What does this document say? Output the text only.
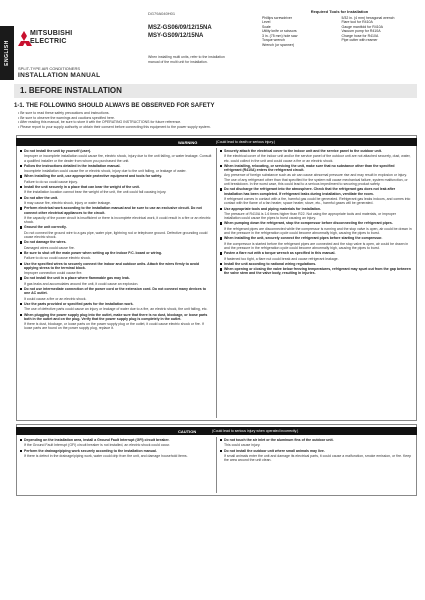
ENGLISH
MITSUBISHI
ELECTRIC
SPLIT-TYPE AIR CONDITIONERS
INSTALLATION MANUAL
DG79A040H01
MSZ-GS06/09/12/15NA
MSY-GS09/12/15NA
When installing multi units, refer to the installation manual of the multi unit for installation.
Required Tools for Installation
Phillips screwdriver	5/32 in. (4 mm) hexagonal wrench
Level	Flare tool for R410A
Scale	Gauge manifold for R410A
Utility knife or scissors	Vacuum pump for R410A
3 in. (75 mm) hole saw	Charge hose for R410A
Torque wrench	Pipe cutter with reamer
Wrench (or spanner)
1. BEFORE INSTALLATION
1-1. THE FOLLOWING SHOULD ALWAYS BE OBSERVED FOR SAFETY
• Be sure to read these safety precautions and instructions.
• Be sure to observe the warnings and cautions specified here.
• After reading this manual, be sure to store it with the OPERATING INSTRUCTIONS for future reference.
• Please report to your supply authority or obtain their consent before connecting this equipment to the power supply system.
WARNING	(Could lead to death or serious injury.)

Do not install the unit by yourself (user).

Improper or incomplete installation could cause fire, electric shock, injury due to the unit falling, or water leakage. Consult a qualified installer or the dealer from whom you purchased the unit.

Follow the instructions detailed in the installation manual.

Incomplete installation could cause fire or electric shock, injury due to the unit falling, or leakage of water.

When installing the unit, use appropriate protective equipment and tools for safety.

Failure to do so could cause injury.

Install the unit securely in a place that can bear the weight of the unit.

If the installation location cannot bear the weight of the unit, the unit could fall causing injury.

Do not alter the unit.

It may cause fire, electric shock, injury or water leakage.

Perform electrical work according to the installation manual and be sure to use an exclusive circuit. Do not connect other electrical appliances to the circuit.

If the capacity of the power circuit is insufficient or there is incomplete electrical work, it could result in a fire or an electric shock.

Ground the unit correctly.

Do not connect the ground wire to a gas pipe, water pipe, lightning rod or telephone ground. Defective grounding could cause electric shock.

Do not damage the wires.

Damaged wires could cause fire.

Be sure to shut off the main power when setting up the indoor P.C. board or wiring.

Failure to do so could cause electric shock.

Use the specified wires to securely connect the indoor and outdoor units. Attach the wires firmly to avoid applying stress to the terminal block.

Improper connection could cause fire.

Do not install the unit in a place where flammable gas may leak.

If gas leaks and accumulates around the unit, it could cause an explosion.

Do not use intermediate connection of the power cord or the extension cord. Do not connect many devices to one AC outlet.

It could cause a fire or an electric shock.

Use the parts provided or specified parts for the installation work.

The use of defective parts could cause an injury or leakage of water due to a fire, an electric shock, the unit falling, etc.

When plugging the power supply plug into the outlet, make sure that there is no dust, blockage, or loose parts both in the outlet and on the plug. Verify that the power supply plug is completely in the outlet.

If there is dust, blockage, or loose parts on the power supply plug or the outlet, it could cause electric shock or fire. If loose parts are found on the power supply plug, replace it.

Securely attach the electrical cover to the indoor unit and the service panel to the outdoor unit.

If the electrical cover of the indoor unit and/or the service panel of the outdoor unit are not attached securely, dust, water, etc. could collect in the unit and could cause a fire or an electric shock.

When installing, relocating, or servicing the unit, make sure that no substance other than the specified refrigerant (R410A) enters the refrigerant circuit.

Any presence of foreign substance such as air can cause abnormal pressure rise and may result in explosion or injury. The use of any refrigerant other than that specified for the system will cause mechanical failure, system malfunction, or unit breakdown. In the worst case, this could lead to a serious impediment to securing product safety.

Do not discharge the refrigerant into the atmosphere. Check that the refrigerant gas does not leak after installation has been completed. If refrigerant leaks during installation, ventilate the room.

If refrigerant comes in contact with a fire, harmful gas could be generated. Refrigerant gas leaks indoors, and comes into contact with the flame of a fan heater, space heater, stove, etc., harmful gases will be generated.

Use appropriate tools and piping materials for installation.

The pressure of R410A is 1.6 times higher than R22. Not using the appropriate tools and materials, or improper installation could cause the pipes to burst causing an injury.

When pumping down the refrigerant, stop the compressor before disconnecting the refrigerant pipes.

If the refrigerant pipes are disconnected while the compressor is running and the stop valve is open, air could be drawn in and the pressure in the refrigeration cycle could become abnormally high, causing the pipes to burst.

When installing the unit, securely connect the refrigerant pipes before starting the compressor.

If the compressor is started before the refrigerant pipes are connected and the stop valve is open, air could be drawn in and the pressure in the refrigeration cycle could become abnormally high, causing the pipes to burst.

Fasten a flare nut with a torque wrench as specified in this manual.

If fastened too tight, a flare nut could break and cause refrigerant leakage.

Install the unit according to national wiring regulations.

When opening or closing the valve below freezing temperatures, refrigerant may spurt out from the gap between the valve stem and the valve body, resulting in injuries.

CAUTION	(Could lead to serious injury when operated incorrectly.)

Depending on the installation area, install a Ground Fault Interrupt (GFI) circuit breaker.

If the Ground Fault Interrupt (GFI) circuit breaker is not installed, an electric shock could occur.

Perform the drainage/piping work securely according to the installation manual.

If there is defect in the drainage/piping work, water could drip from the unit, and damage household items.

Do not touch the air inlet or the aluminum fins of the outdoor unit.

This could cause injury.

Do not install the outdoor unit where small animals may live.

If small animals enter the unit and damage its electrical parts, it could cause a malfunction, smoke emission, or fire. Keep the area around the unit clean.
